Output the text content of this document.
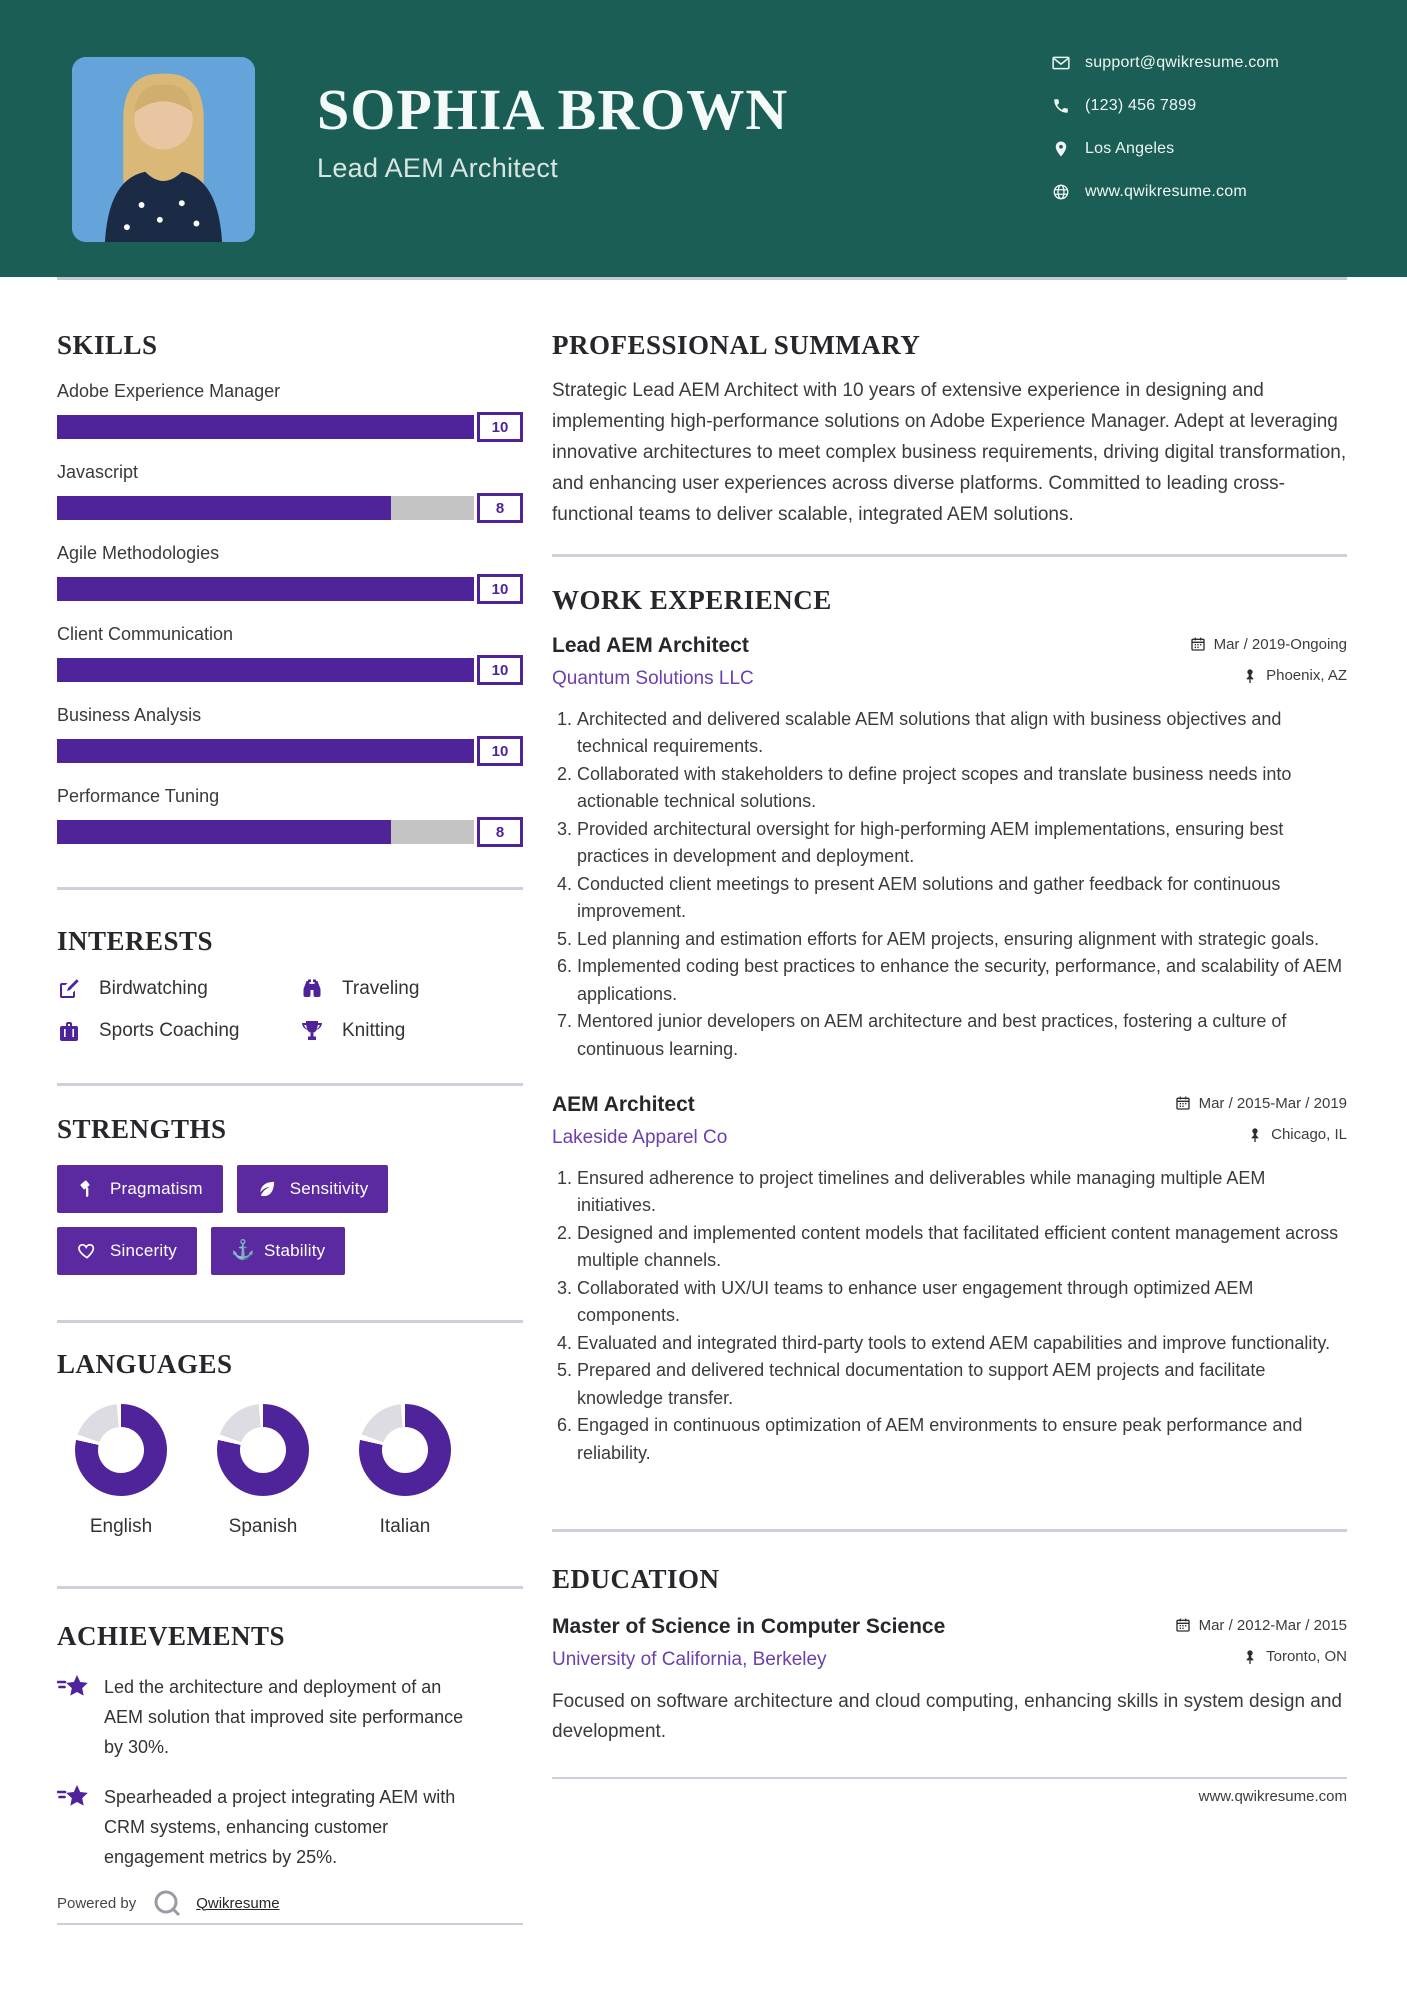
SOPHIA BROWN
Lead AEM Architect
support@qwikresume.com
(123) 456 7899
Los Angeles
www.qwikresume.com
SKILLS
Adobe Experience Manager
10
Javascript
8
Agile Methodologies
10
Client Communication
10
Business Analysis
10
Performance Tuning
8
INTERESTS
Birdwatching	Traveling
Sports Coaching	Knitting
STRENGTHS
Pragmatism	Sensitivity
Sincerity	⚓ Stability
LANGUAGES
English	Spanish	Italian
ACHIEVEMENTS

Led the architecture and deployment of an AEM solution that improved site performance by 30%.

Spearheaded a project integrating AEM with CRM systems, enhancing customer engagement metrics by 25%.

Powered by	Qwikresume
PROFESSIONAL SUMMARY

Strategic Lead AEM Architect with 10 years of extensive experience in designing and implementing high-performance solutions on Adobe Experience Manager. Adept at leveraging innovative architectures to meet complex business requirements, driving digital transformation, and enhancing user experiences across diverse platforms. Committed to leading cross-functional teams to deliver scalable, integrated AEM solutions.

WORK EXPERIENCE
Lead AEM Architect	Mar / 2019-Ongoing
Quantum Solutions LLC	Phoenix, AZ
1. Architected and delivered scalable AEM solutions that align with business objectives and technical requirements.
2. Collaborated with stakeholders to define project scopes and translate business needs into actionable technical solutions.
3. Provided architectural oversight for high-performing AEM implementations, ensuring best practices in development and deployment.
4. Conducted client meetings to present AEM solutions and gather feedback for continuous improvement.
5. Led planning and estimation efforts for AEM projects, ensuring alignment with strategic goals.
6. Implemented coding best practices to enhance the security, performance, and scalability of AEM applications.
7. Mentored junior developers on AEM architecture and best practices, fostering a culture of continuous learning.
AEM Architect	Mar / 2015-Mar / 2019
Lakeside Apparel Co	Chicago, IL
1. Ensured adherence to project timelines and deliverables while managing multiple AEM initiatives.
2. Designed and implemented content models that facilitated efficient content management across multiple channels.
3. Collaborated with UX/UI teams to enhance user engagement through optimized AEM components.
4. Evaluated and integrated third-party tools to extend AEM capabilities and improve functionality.
5. Prepared and delivered technical documentation to support AEM projects and facilitate knowledge transfer.
6. Engaged in continuous optimization of AEM environments to ensure peak performance and reliability.
EDUCATION
Master of Science in Computer Science	Mar / 2012-Mar / 2015
University of California, Berkeley	Toronto, ON

Focused on software architecture and cloud computing, enhancing skills in system design and development.

www.qwikresume.com
